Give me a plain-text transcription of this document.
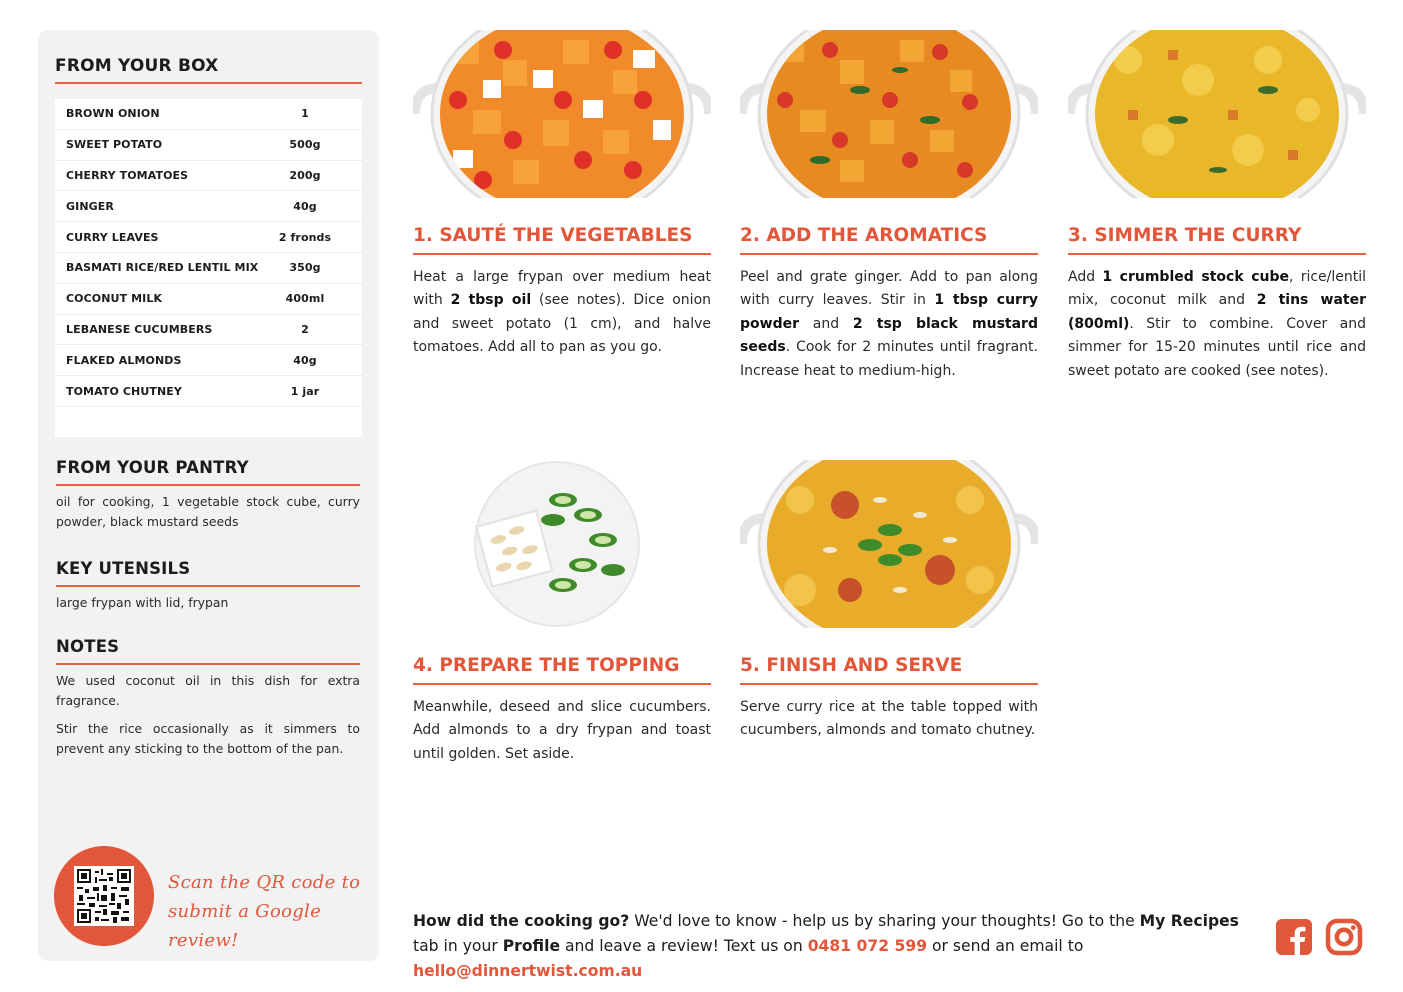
FROM YOUR BOX
BROWN ONION	1
SWEET POTATO	500g
CHERRY TOMATOES	200g
GINGER	40g
CURRY LEAVES	2 fronds
BASMATI RICE/RED LENTIL MIX	350g
COCONUT MILK	400ml
LEBANESE CUCUMBERS	2
FLAKED ALMONDS	40g
TOMATO CHUTNEY	1 jar
FROM YOUR PANTRY
oil for cooking, 1 vegetable stock cube, curry powder, black mustard seeds
KEY UTENSILS
large frypan with lid, frypan
NOTES
We used coconut oil in this dish for extra fragrance.
Stir the rice occasionally as it simmers to prevent any sticking to the bottom of the pan.
Scan the QR code to
submit a Google review!
1. SAUTÉ THE VEGETABLES
Heat a large frypan over medium heat with 2 tbsp oil (see notes). Dice onion and sweet potato (1 cm), and halve tomatoes. Add all to pan as you go.
2. ADD THE AROMATICS
Peel and grate ginger. Add to pan along with curry leaves. Stir in 1 tbsp curry powder and 2 tsp black mustard seeds. Cook for 2 minutes until fragrant. Increase heat to medium-high.
3. SIMMER THE CURRY
Add 1 crumbled stock cube, rice/lentil mix, coconut milk and 2 tins water (800ml). Stir to combine. Cover and simmer for 15-20 minutes until rice and sweet potato are cooked (see notes).
4. PREPARE THE TOPPING
Meanwhile, deseed and slice cucumbers. Add almonds to a dry frypan and toast until golden. Set aside.
5. FINISH AND SERVE
Serve curry rice at the table topped with cucumbers, almonds and tomato chutney.
How did the cooking go? We'd love to know - help us by sharing your thoughts! Go to the My Recipes tab in your Profile and leave a review! Text us on 0481 072 599 or send an email to hello@dinnertwist.com.au
